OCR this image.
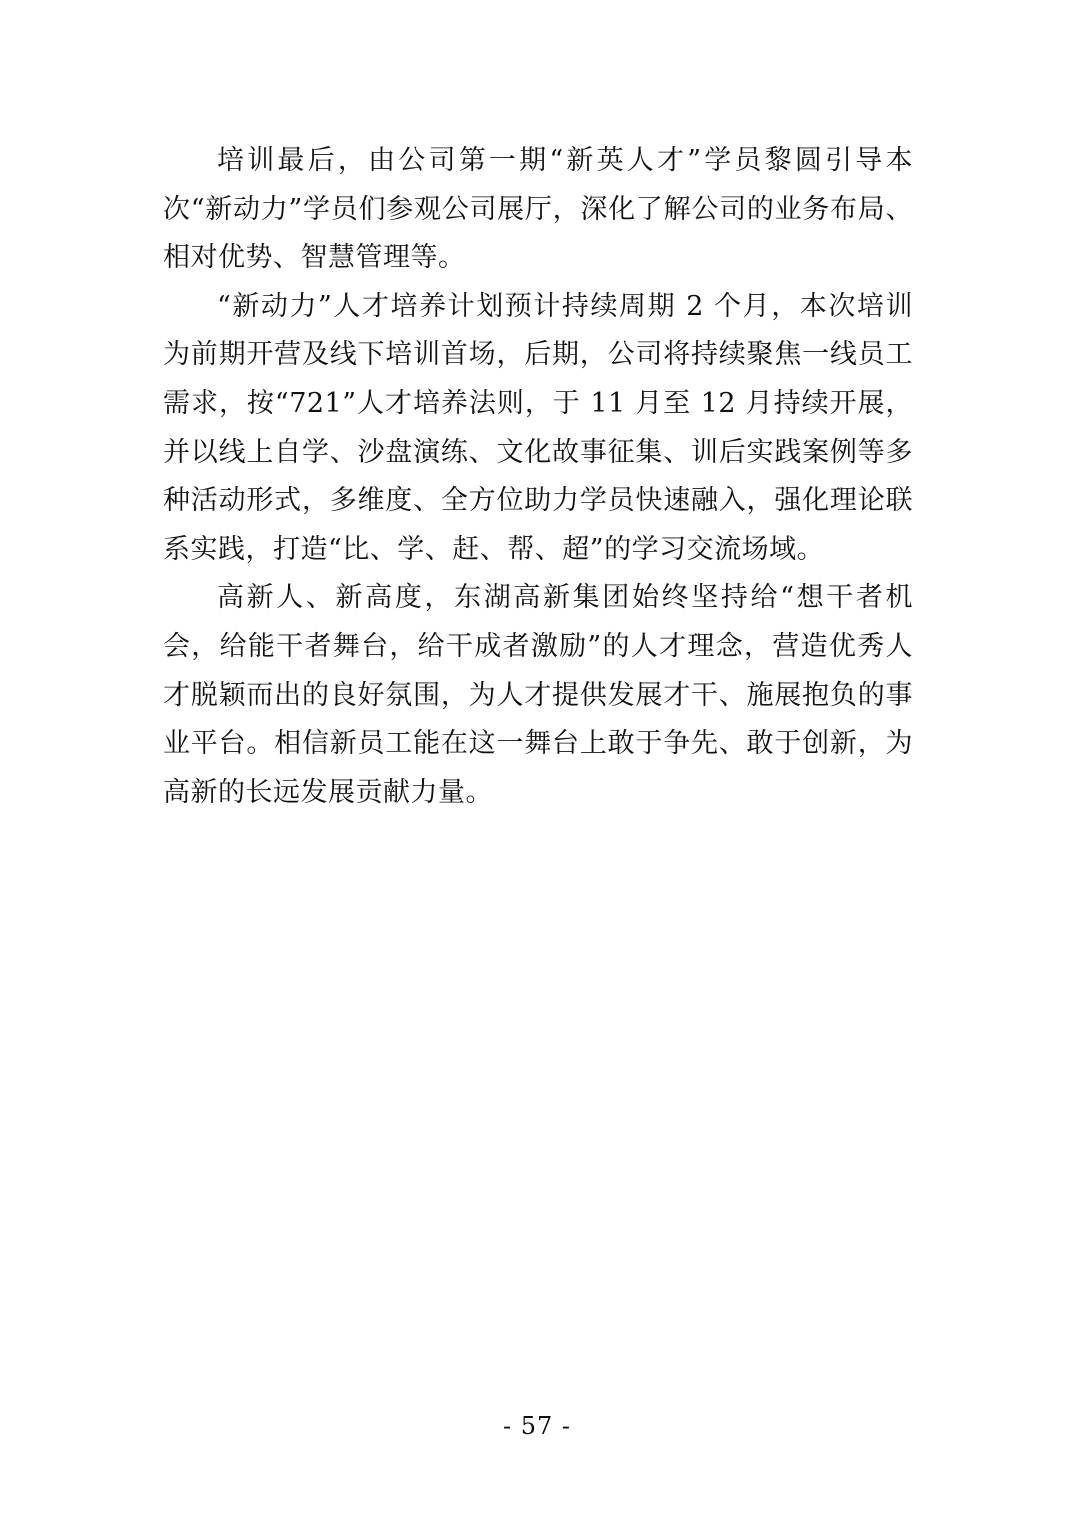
培训最后，由公司第一期“新英人才”学员黎圆引导本次“新动力”学员们参观公司展厅，深化了解公司的业务布局、相对优势、智慧管理等。

“新动力”人才培养计划预计持续周期 2 个月，本次培训为前期开营及线下培训首场，后期，公司将持续聚焦一线员工需求，按“721”人才培养法则，于 11 月至 12 月持续开展，并以线上自学、沙盘演练、文化故事征集、训后实践案例等多种活动形式，多维度、全方位助力学员快速融入，强化理论联系实践，打造“比、学、赶、帮、超”的学习交流场域。

高新人、新高度，东湖高新集团始终坚持给“想干者机会，给能干者舞台，给干成者激励”的人才理念，营造优秀人才脱颖而出的良好氛围，为人才提供发展才干、施展抱负的事业平台。相信新员工能在这一舞台上敢于争先、敢于创新，为高新的长远发展贡献力量。

- 57 -
